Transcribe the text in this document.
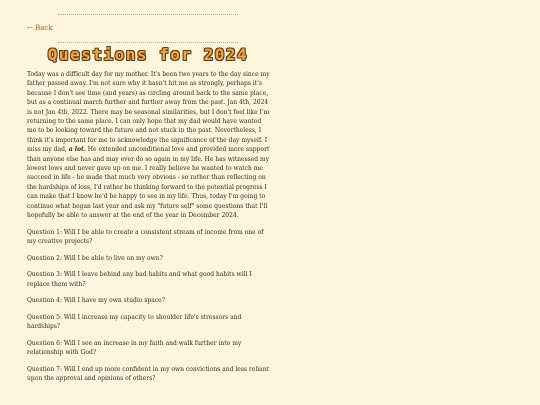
← Back
Questions for 2024

Today was a difficult day for my mother. It's been two years to the day since my father passed away. I'm not sure why it hasn't hit me as strongly, perhaps it's because I don't see time (and years) as circling around back to the same place, but as a continual march further and further away from the past. Jan 4th, 2024 is not Jan 4th, 2022. There may be seasonal similarities, but I don't feel like I'm returning to the same place. I can only hope that my dad would have wanted me to be looking toward the future and not stuck in the past. Nevertheless, I think it's important for me to acknowledge the significance of the day myself. I miss my dad, a lot. He extended unconditional love and provided more support than anyone else has and may ever do so again in my life. He has witnessed my lowest lows and never gave up on me. I really believe he wanted to watch me succeed in life - he made that much very obvious - so rather than reflecting on the hardships of loss, I'd rather be thinking forward to the potential progress I can make that I know he'd be happy to see in my life. Thus, today I'm going to continue what began last year and ask my "future self" some questions that I'll hopefully be able to answer at the end of the year in December 2024.

Question 1: Will I be able to create a consistent stream of income from one of my creative projects?

Question 2: Will I be able to live on my own?

Question 3: Will I leave behind any bad habits and what good habits will I replace them with?

Question 4: Will I have my own studio space?

Question 5: Will I increase my capacity to shoulder life's stressors and hardships?

Question 6: Will I see an increase in my faith and walk further into my relationship with God?

Question 7: Will I end up more confident in my own convictions and less reliant upon the approval and opinions of others?
